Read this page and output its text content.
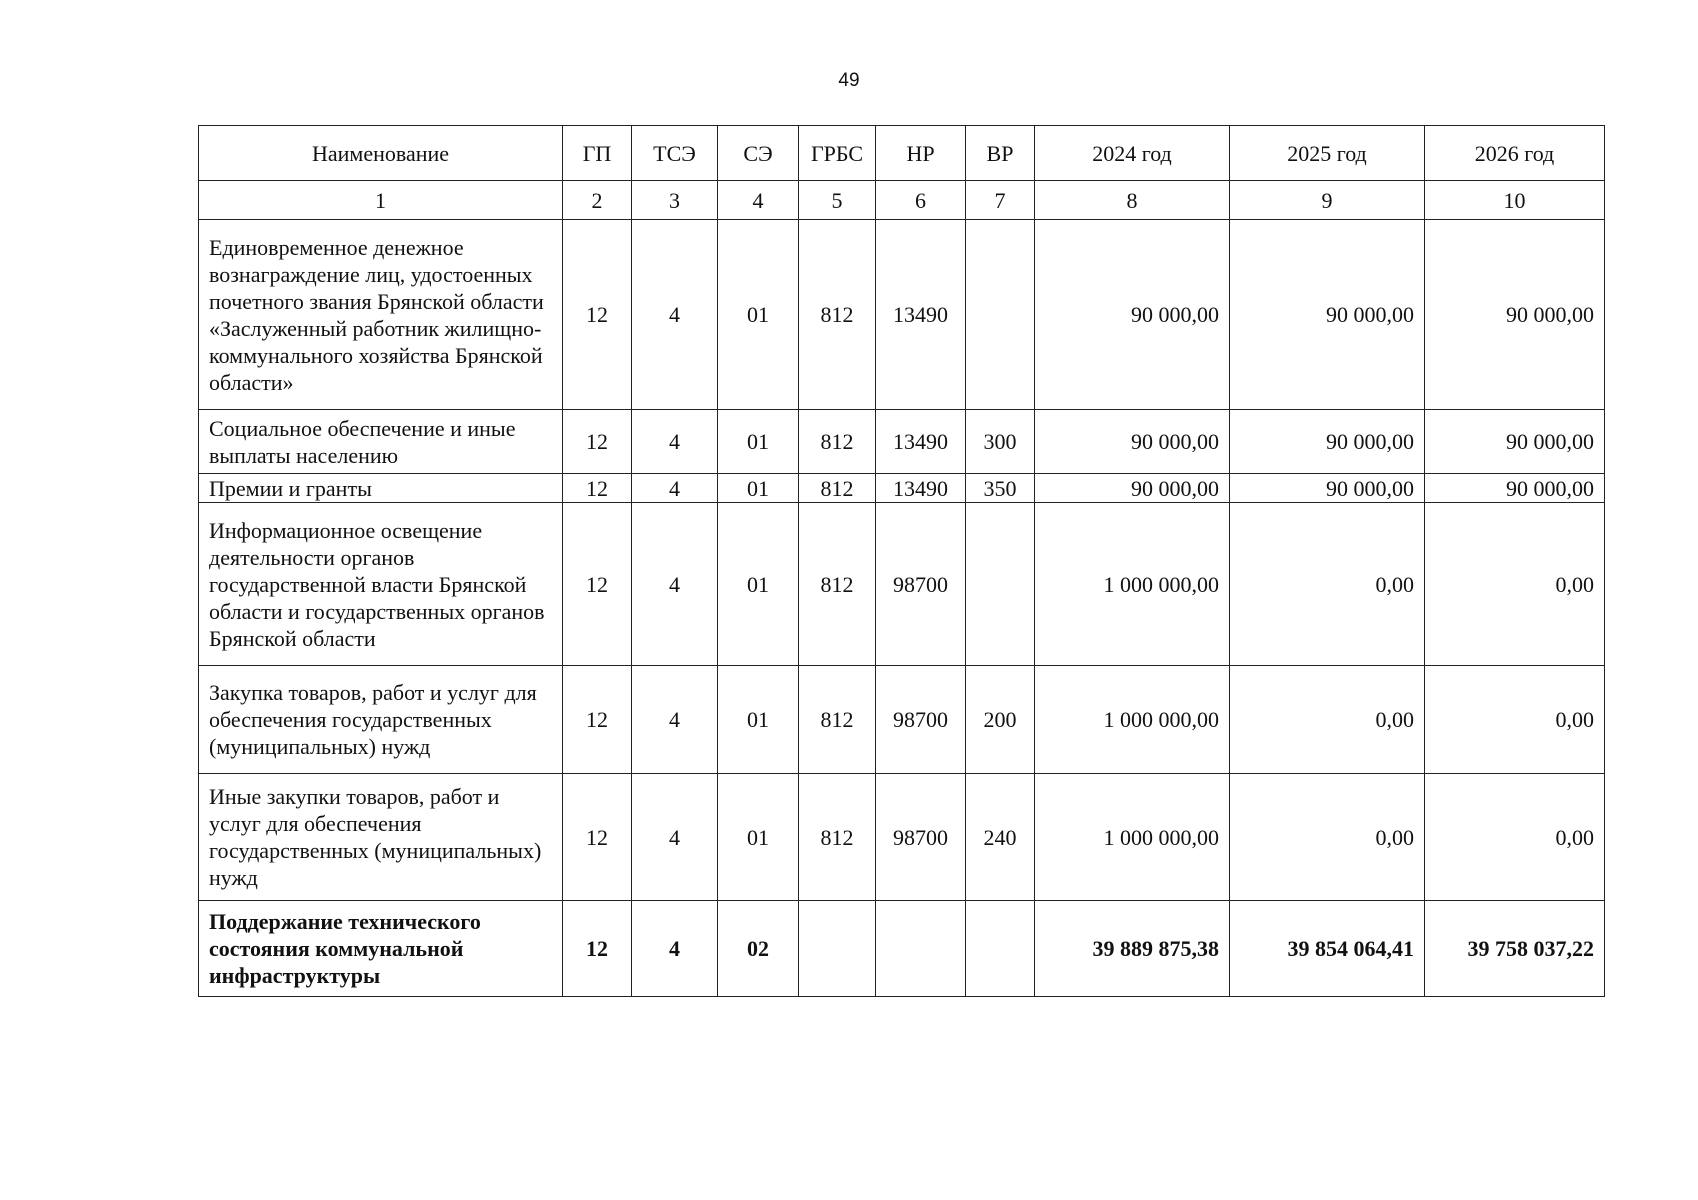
49
Наименование	ГП	ТСЭ	СЭ	ГРБС	НР	ВР	2024 год	2025 год	2026 год
1	2	3	4	5	6	7	8	9	10
Единовременное денежное вознаграждение лиц, удостоенных почетного звания Брянской области «Заслуженный работник жилищно-коммунального хозяйства Брянской области»	12	4	01	812	13490		90 000,00	90 000,00	90 000,00
Социальное обеспечение и иные выплаты населению	12	4	01	812	13490	300	90 000,00	90 000,00	90 000,00
Премии и гранты	12	4	01	812	13490	350	90 000,00	90 000,00	90 000,00
Информационное освещение деятельности органов государственной власти Брянской области и государственных органов Брянской области	12	4	01	812	98700		1 000 000,00	0,00	0,00
Закупка товаров, работ и услуг для обеспечения государственных (муниципальных) нужд	12	4	01	812	98700	200	1 000 000,00	0,00	0,00
Иные закупки товаров, работ и услуг для обеспечения государственных (муниципальных) нужд	12	4	01	812	98700	240	1 000 000,00	0,00	0,00
Поддержание технического состояния коммунальной инфраструктуры	12	4	02				39 889 875,38	39 854 064,41	39 758 037,22
